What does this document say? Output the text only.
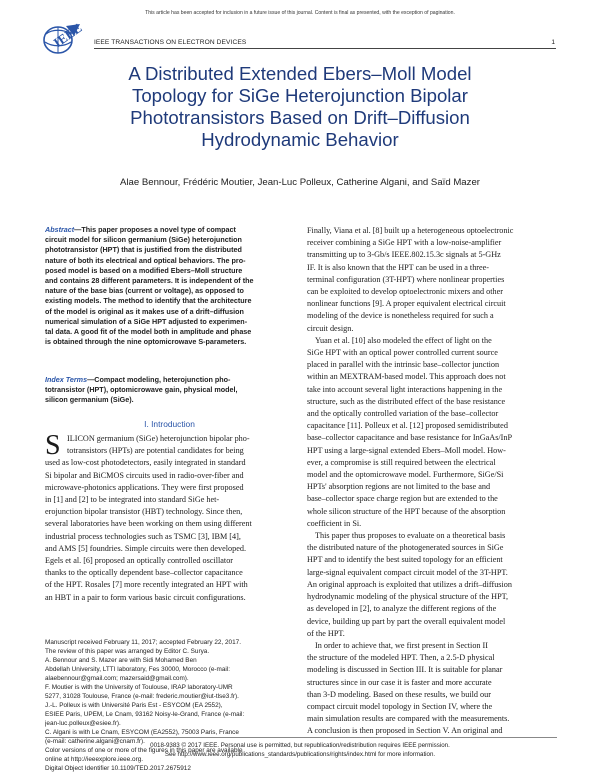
This article has been accepted for inclusion in a future issue of this journal. Content is final as presented, with the exception of pagination.
IEEE IEEE TRANSACTIONS ON ELECTRON DEVICES	1
A Distributed Extended Ebers–Moll Model
Topology for SiGe Heterojunction Bipolar
Phototransistors Based on Drift–Diffusion
Hydrodynamic Behavior
Alae Bennour, Frédéric Moutier, Jean-Luc Polleux, Catherine Algani, and Saïd Mazer
Abstract—This paper proposes a novel type of compact
circuit model for silicon germanium (SiGe) heterojunction
phototransistor (HPT) that is justified from the distributed
nature of both its electrical and optical behaviors. The pro-
posed model is based on a modified Ebers–Moll structure
and contains 28 different parameters. It is independent of the
nature of the base bias (current or voltage), as opposed to
existing models. The method to identify that the architecture
of the model is original as it makes use of a drift–diffusion
numerical simulation of a SiGe HPT adjusted to experimen-
tal data. A good fit of the model both in amplitude and phase
is obtained through the nine optomicrowave S-parameters.
Index Terms—Compact modeling, heterojunction pho-
totransistor (HPT), optomicrowave gain, physical model,
silicon germanium (SiGe).
I. Introduction
S ILICON germanium (SiGe) heterojunction bipolar pho-
totransistors (HPTs) are potential candidates for being
used as low-cost photodetectors, easily integrated in standard
Si bipolar and BiCMOS circuits used in radio-over-fiber and
microwave-photonics applications. They were first proposed
in [1] and [2] to be integrated into standard SiGe het-
erojunction bipolar transistor (HBT) technology. Since then,
several laboratories have been working on them using different
industrial process technologies such as TSMC [3], IBM [4],
and AMS [5] foundries. Simple circuits were then developed.
Egels et al. [6] proposed an optically controlled oscillator
thanks to the optically dependent base–collector capacitance
of the HPT. Rosales [7] more recently integrated an HPT with
an HBT in a pair to form various basic circuit configurations.
Manuscript received February 11, 2017; accepted February 22, 2017.
The review of this paper was arranged by Editor C. Surya.
A. Bennour and S. Mazer are with Sidi Mohamed Ben
Abdellah University, LTTI laboratory, Fes 30000, Morocco (e-mail:
alaebennour@gmail.com; mazersaid@gmail.com).
F. Moutier is with the University of Toulouse, IRAP laboratory-UMR
5277, 31028 Toulouse, France (e-mail: frederic.moutier@iut-tlse3.fr).
J.-L. Polleux is with Université Paris Est - ESYCOM (EA 2552),
ESIEE Paris, UPEM, Le Cnam, 93162 Noisy-le-Grand, France (e-mail:
jean-luc.polleux@esiee.fr).
C. Algani is with Le Cnam, ESYCOM (EA2552), 75003 Paris, France
(e-mail: catherine.algani@cnam.fr).
Color versions of one or more of the figures in this paper are available
online at http://ieeexplore.ieee.org.
Digital Object Identifier 10.1109/TED.2017.2675912
Finally, Viana et al. [8] built up a heterogeneous optoelectronic
receiver combining a SiGe HPT with a low-noise-amplifier
transmitting up to 3-Gb/s IEEE.802.15.3c signals at 5-GHz
IF. It is also known that the HPT can be used in a three-
terminal configuration (3T-HPT) where nonlinear properties
can be exploited to develop optoelectronic mixers and other
nonlinear functions [9]. A proper equivalent electrical circuit
modeling of the device is nonetheless required for such a
circuit design.
Yuan et al. [10] also modeled the effect of light on the
SiGe HPT with an optical power controlled current source
placed in parallel with the intrinsic base–collector junction
within an MEXTRAM-based model. This approach does not
take into account several light interactions happening in the
structure, such as the distributed effect of the base resistance
and the optically controlled variation of the base–collector
capacitance [11]. Polleux et al. [12] proposed semidistributed
base–collector capacitance and base resistance for InGaAs/InP
HPT using a large-signal extended Ebers–Moll model. How-
ever, a compromise is still required between the electrical
model and the optomicrowave model. Furthermore, SiGe/Si
HPTs' absorption regions are not limited to the base and
base–collector space charge region but are extended to the
whole silicon structure of the HPT because of the absorption
coefficient in Si.
This paper thus proposes to evaluate on a theoretical basis
the distributed nature of the photogenerated sources in SiGe
HPT and to identify the best suited topology for an efficient
large-signal equivalent compact circuit model of the 3T-HPT.
An original approach is exploited that utilizes a drift–diffusion
hydrodynamic modeling of the physical structure of the HPT,
as developed in [2], to analyze the different regions of the
device, building up part by part the overall equivalent model
of the HPT.
In order to achieve that, we first present in Section II
the structure of the modeled HPT. Then, a 2.5-D physical
modeling is discussed in Section III. It is suitable for planar
structures since in our case it is faster and more accurate
than 3-D modeling. Based on these results, we build our
compact circuit model topology in Section IV, where the
main simulation results are compared with the measurements.
A conclusion is then proposed in Section V. An original and
0018-9383 © 2017 IEEE. Personal use is permitted, but republication/redistribution requires IEEE permission.
See http://www.ieee.org/publications_standards/publications/rights/index.html for more information.
